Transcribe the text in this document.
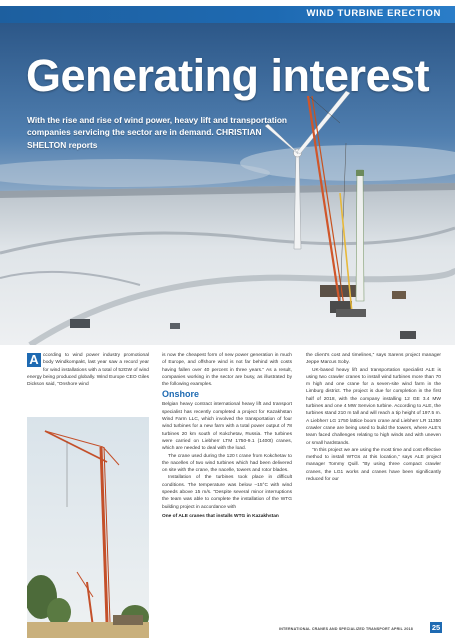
WIND TURBINE ERECTION
Generating interest
With the rise and rise of wind power, heavy lift and transportation companies servicing the sector are in demand. CHRISTIAN SHELTON reports
A ccording to wind power industry promotional body Windkompakt, last year saw a record year for wind installations with a total of 52GW of wind energy being produced globally. Wind Europe CEO Giles Dickson said, “Onshore wind

is now the cheapest form of new power generation in much of Europe, and offshore wind is not far behind with costs having fallen over 40 percent in three years.” As a result, companies working in the sector are busy, as illustrated by the following examples.

Onshore

Belgian heavy contract international heavy lift and transport specialist has recently completed a project for Kazakhstan Wind Farm LLC, which involved the transportation of four wind turbines for a new farm with a total power output of 78 turbines 20 km south of Kokchetav, Russia. The turbines were carried on Liebherr LTM 1750-9.1 (1400t) cranes, which are needed to deal with the load.

The crane used during the 120 t crane from Kokchetav to the nacelles of two wind turbines which had been delivered on site with the crane, the nacelle, towers and rotor blades.

Installation of the turbines took place in difficult conditions. The temperature was below –15°C with wind speeds above 15 m/s. “Despite several minor interruptions the team was able to complete the installation of the WTG building project in accordance with

One of ALE cranes that installs WTG in Kazakhstan

the client’s cost and timelines,” says Sarens project manager Jeppe Marcus Soby.

UK-based heavy lift and transportation specialist ALE is using two crawler cranes to install wind turbines more than 70 m high and one crane for a seven-site wind farm in the Limburg district. The project is due for completion in the first half of 2018, with the company installing 12 GE 3.4 MW turbines and one 4 MW Senvion turbine. According to ALE, the turbines stand 210 m tall and will reach a tip height of 197.5 m. A Liebherr LG 1750 lattice boom crane and Liebherr LR 11350 crawler crane are being used to build the towers, where ALE’s team faced challenges relating to high winds and with uneven or small hardstands.

“In this project we are using the most time and cost effective method to install WTGs at this location,” says ALE project manager Tommy Quill. “By using three compact crawler cranes, the LG1 works and cranes have been significantly reduced for our

INTERNATIONAL CRANES AND SPECIALIZED TRANSPORT APRIL 2018	25
